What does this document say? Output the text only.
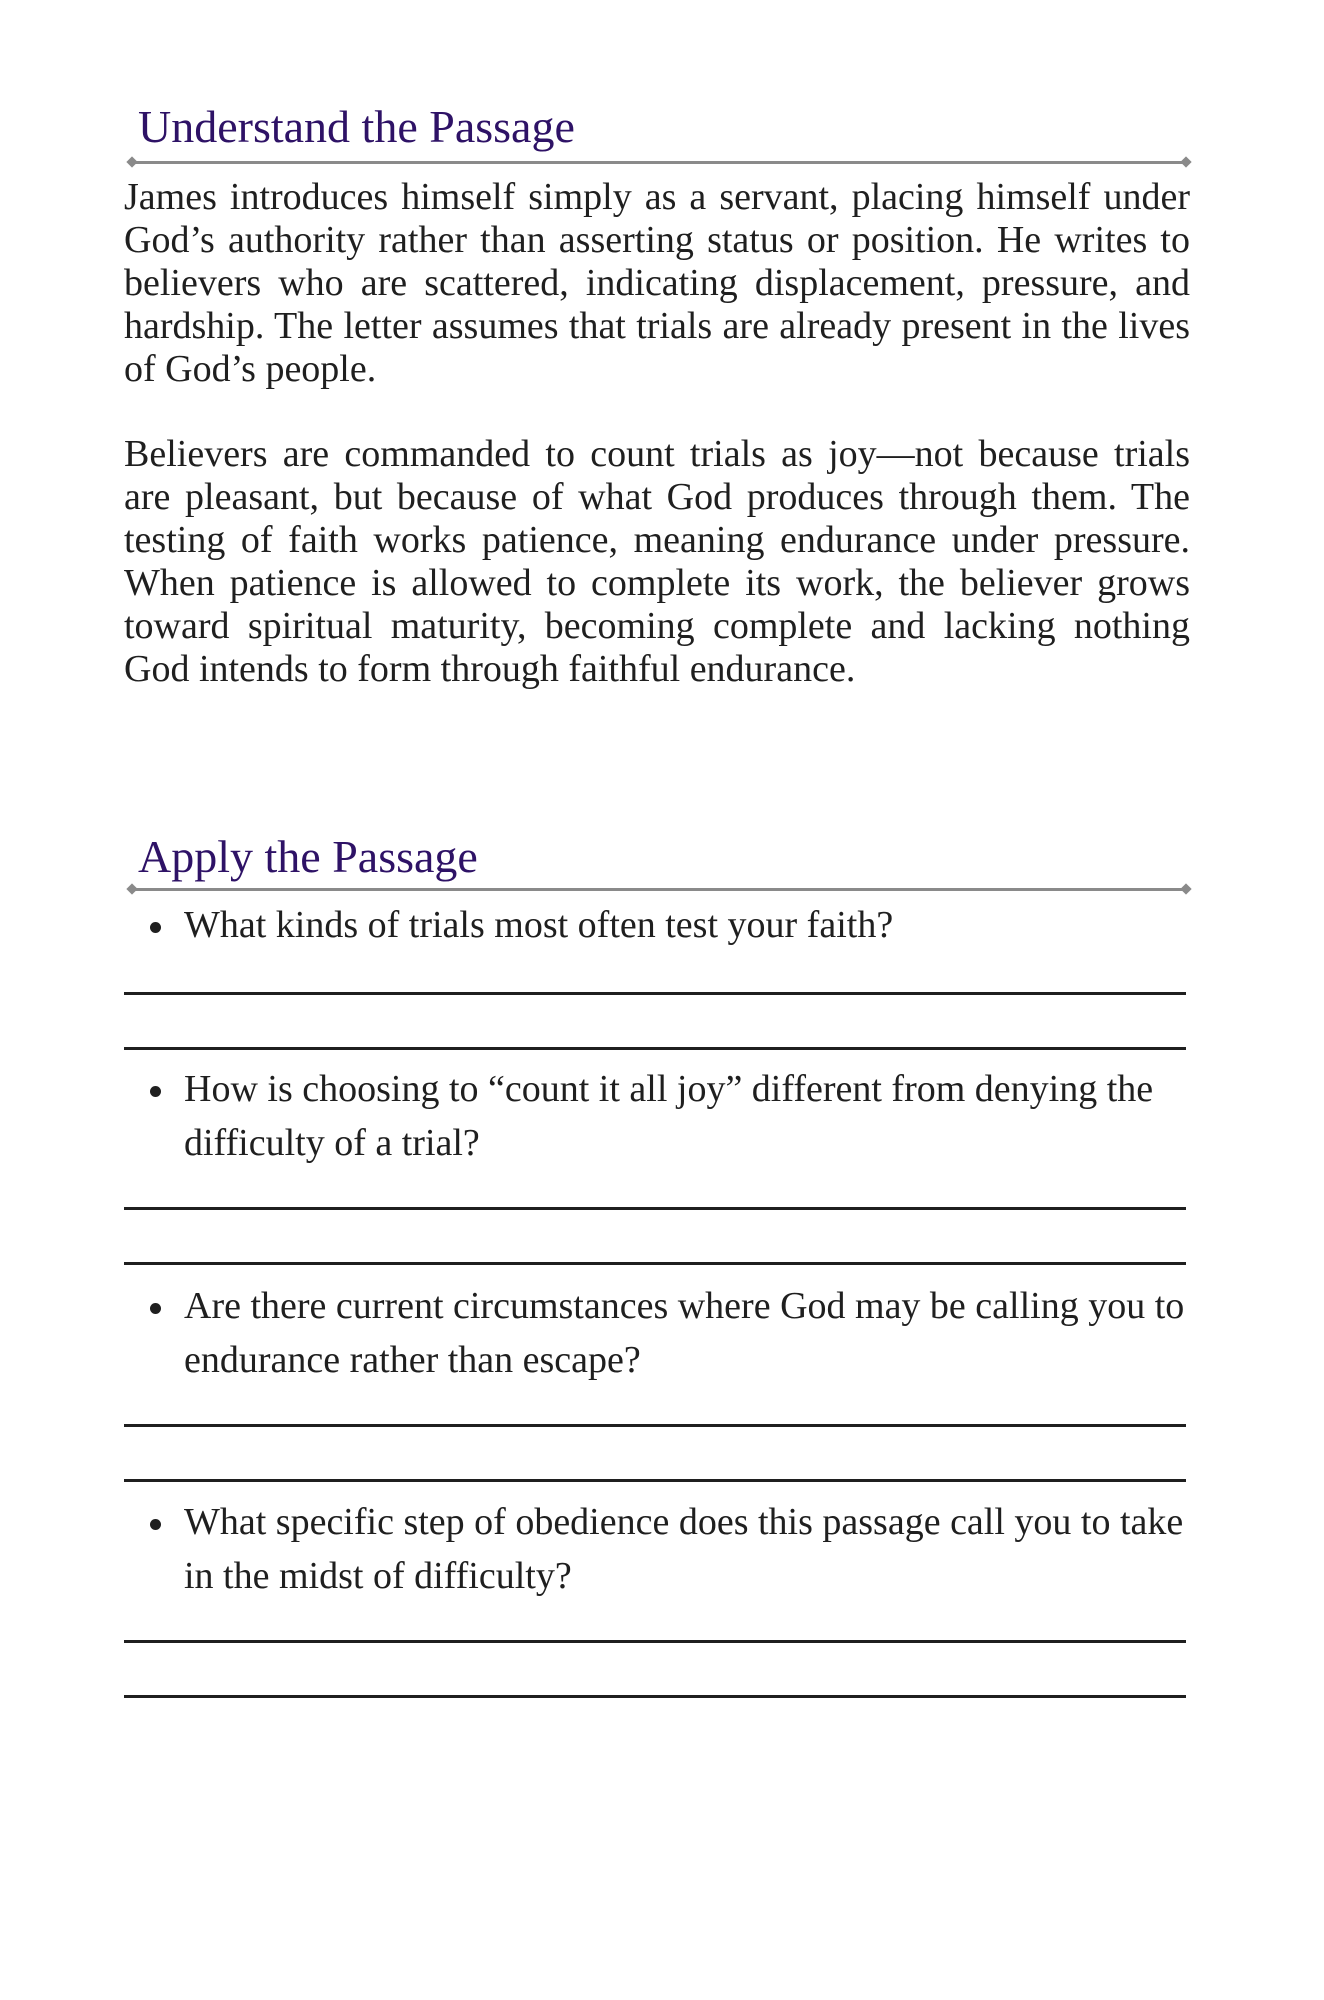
Understand the Passage

James introduces himself simply as a servant, placing himself under God’s authority rather than asserting status or position. He writes to believers who are scattered, indicating displacement, pressure, and hardship. The letter assumes that trials are already present in the lives of God’s people.

Believers are commanded to count trials as joy—not because trials are pleasant, but because of what God produces through them. The testing of faith works patience, meaning endurance under pressure. When patience is allowed to complete its work, the believer grows toward spiritual maturity, becoming complete and lacking nothing God intends to form through faithful endurance.

Apply the Passage
What kinds of trials most often test your faith?
How is choosing to “count it all joy” different from denying the difficulty of a trial?
Are there current circumstances where God may be calling you to endurance rather than escape?
What specific step of obedience does this passage call you to take in the midst of difficulty?
